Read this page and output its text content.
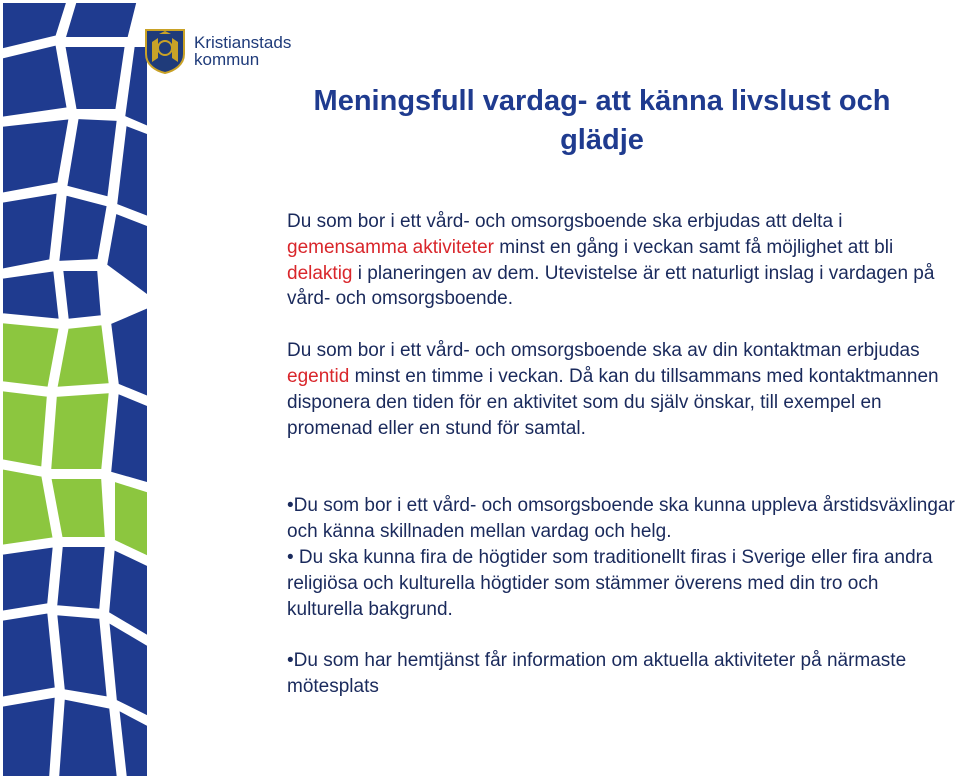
Kristianstads
kommun
Meningsfull vardag- att känna livslust och glädje

Du som bor i ett vård- och omsorgsboende ska erbjudas att delta i gemensamma aktiviteter minst en gång i veckan samt få möjlighet att bli delaktig i planeringen av dem. Utevistelse är ett naturligt inslag i vardagen på vård- och omsorgsboende.

Du som bor i ett vård- och omsorgsboende ska av din kontaktman erbjudas egentid minst en timme i veckan. Då kan du tillsammans med kontaktmannen disponera den tiden för en aktivitet som du själv önskar, till exempel en promenad eller en stund för samtal.

•Du som bor i ett vård- och omsorgsboende ska kunna uppleva årstidsväxlingar och känna skillnaden mellan vardag och helg.

• Du ska kunna fira de högtider som traditionellt firas i Sverige eller fira andra religiösa och kulturella högtider som stämmer överens med din tro och kulturella bakgrund.

•Du som har hemtjänst får information om aktuella aktiviteter på närmaste mötesplats
